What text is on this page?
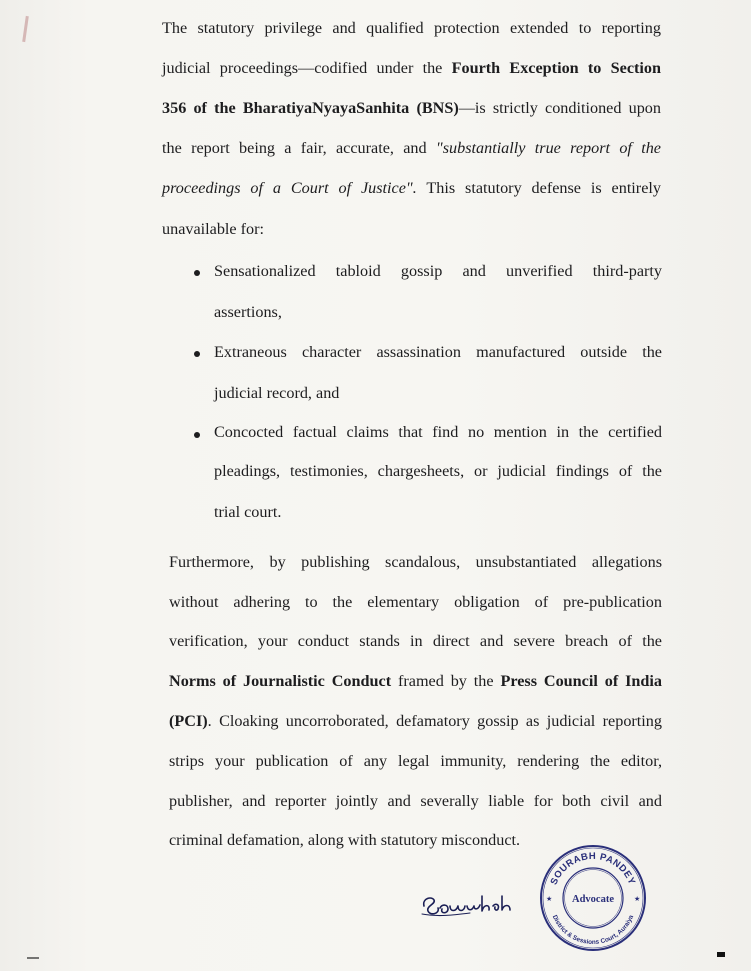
The statutory privilege and qualified protection extended to reporting
judicial proceedings—codified under the Fourth Exception to Section
356 of the BharatiyaNyayaSanhita (BNS)—is strictly conditioned upon
the report being a fair, accurate, and "substantially true report of the
proceedings of a Court of Justice". This statutory defense is entirely
unavailable for:
Sensationalized tabloid gossip and unverified third-party
assertions,
Extraneous character assassination manufactured outside the
judicial record, and
Concocted factual claims that find no mention in the certified
pleadings, testimonies, chargesheets, or judicial findings of the
trial court.
Furthermore, by publishing scandalous, unsubstantiated allegations
without adhering to the elementary obligation of pre-publication
verification, your conduct stands in direct and severe breach of the
Norms of Journalistic Conduct framed by the Press Council of India
(PCI). Cloaking uncorroborated, defamatory gossip as judicial reporting
strips your publication of any legal immunity, rendering the editor,
publisher, and reporter jointly and severally liable for both civil and
criminal defamation, along with statutory misconduct.
SOURABH PANDEY
District & Sessions Court, Auraiya
Advocate
★	★
